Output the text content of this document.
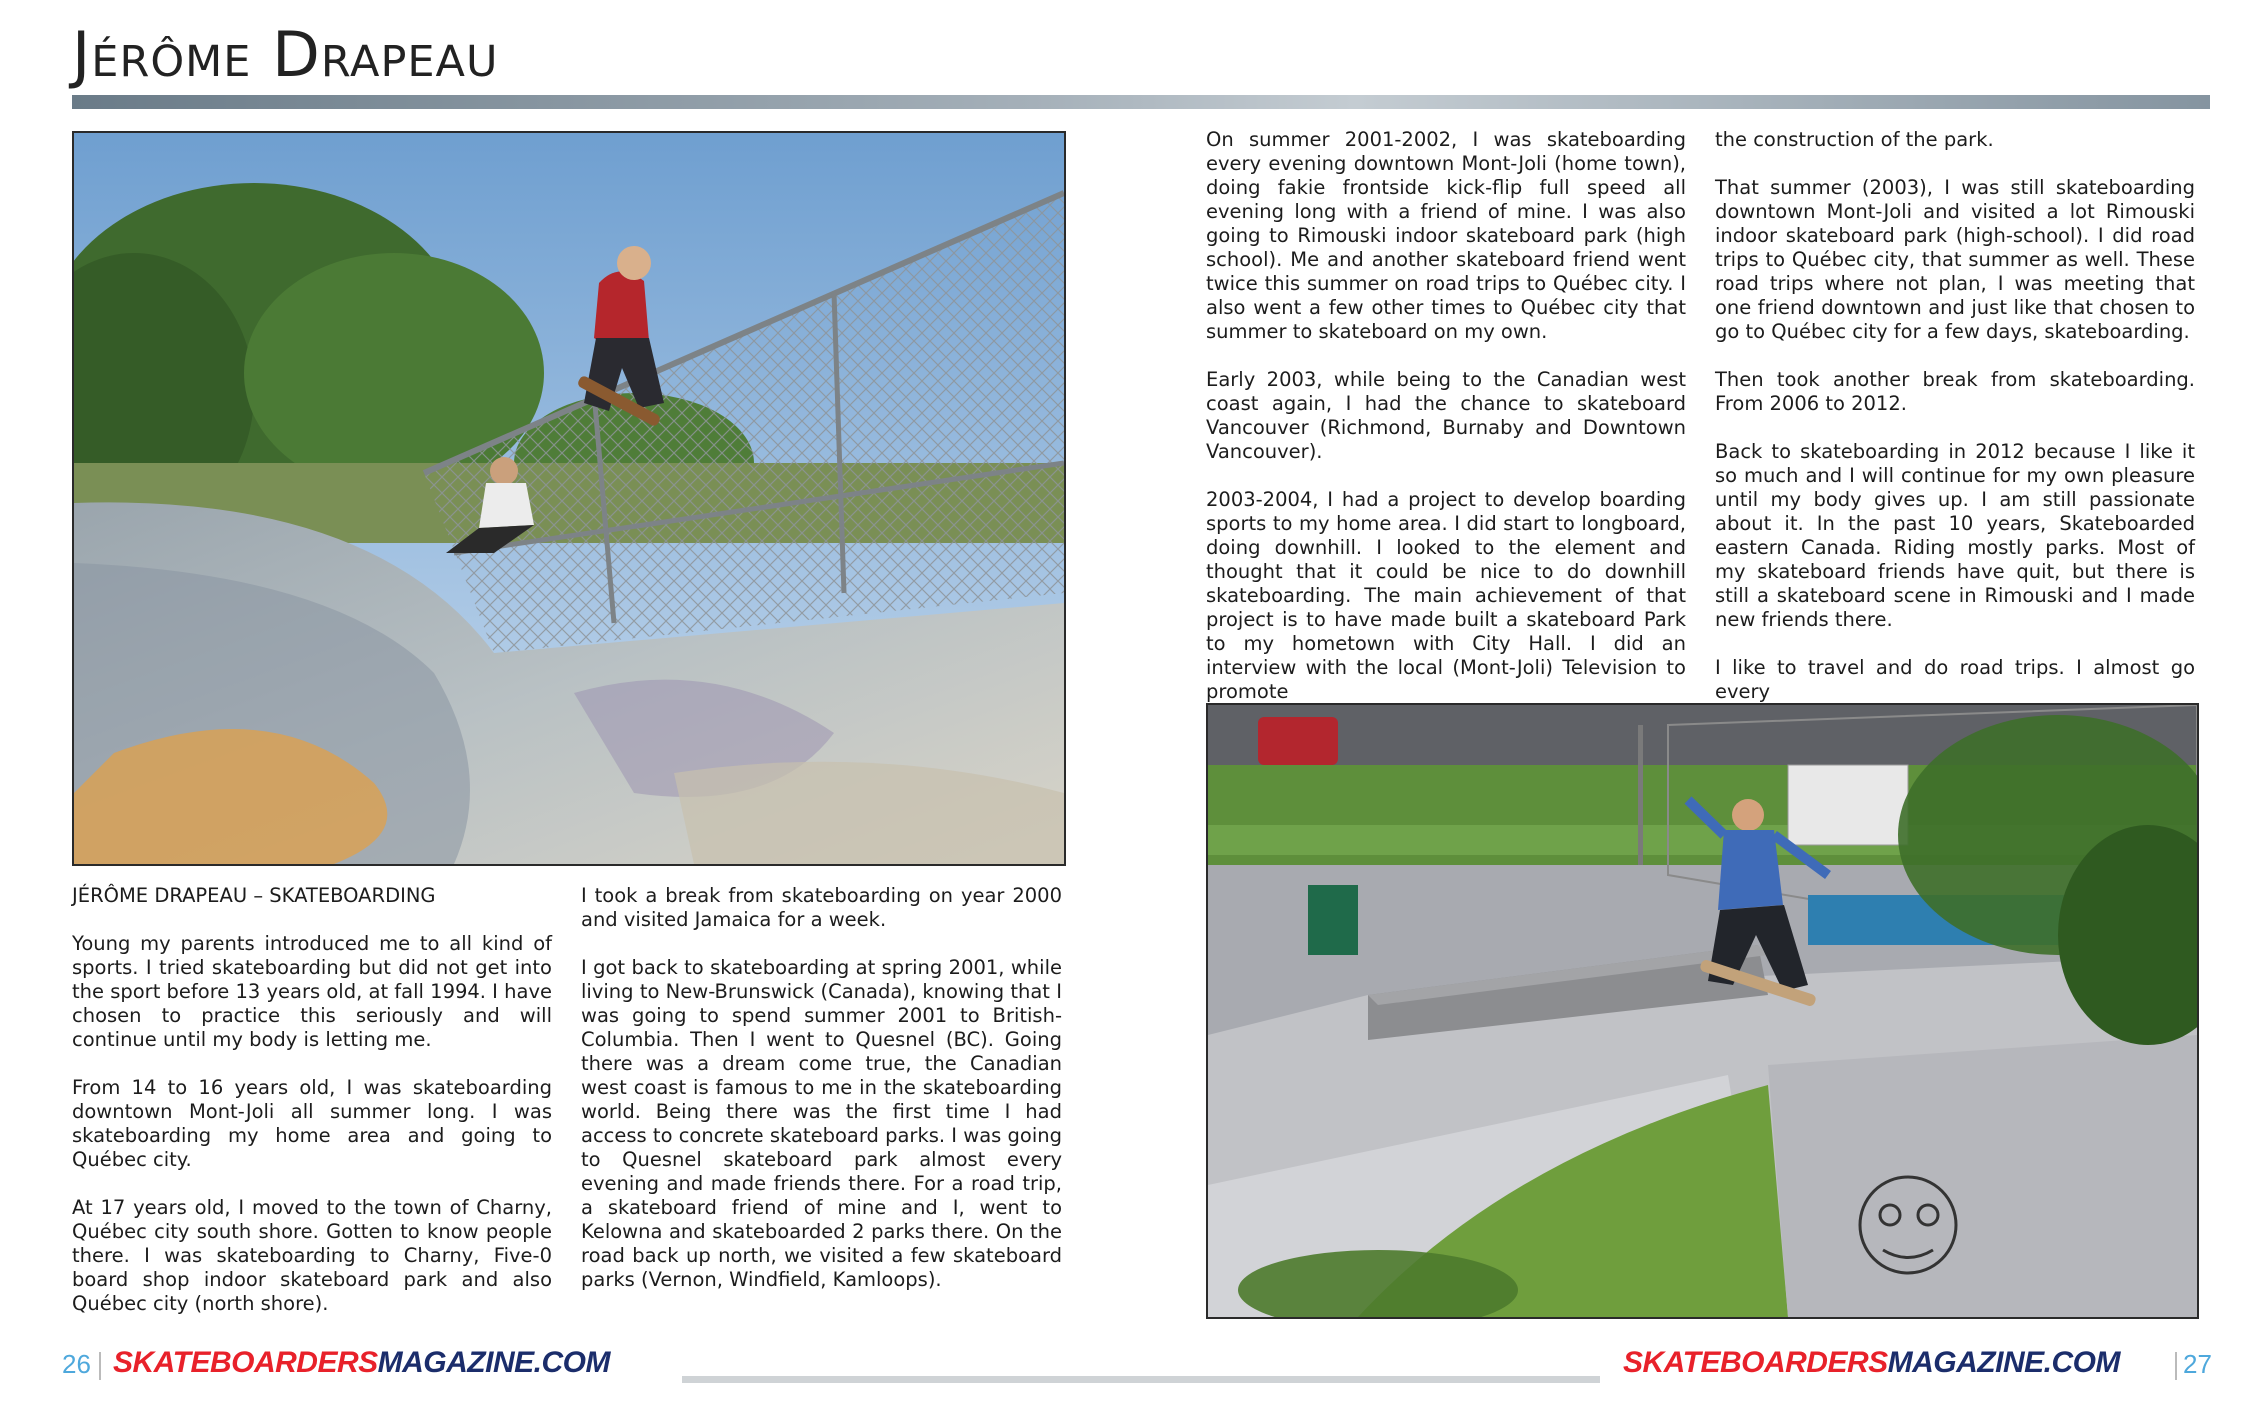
Jérôme Drapeau
JÉRÔME DRAPEAU – SKATEBOARDING

Young my parents introduced me to all kind of sports. I tried skateboarding but did not get into the sport before 13 years old, at fall 1994. I have chosen to practice this seriously and will continue until my body is letting me.

From 14 to 16 years old, I was skateboarding downtown Mont-Joli all summer long. I was skateboarding my home area and going to Québec city.

At 17 years old, I moved to the town of Charny, Québec city south shore. Gotten to know people there. I was skateboarding to Charny, Five-0 board shop indoor skateboard park and also Québec city (north shore).

I took a break from skateboarding on year 2000 and visited Jamaica for a week.

I got back to skateboarding at spring 2001, while living to New-Brunswick (Canada), knowing that I was going to spend summer 2001 to British-Columbia. Then I went to Quesnel (BC). Going there was a dream come true, the Canadian west coast is famous to me in the skateboarding world. Being there was the first time I had access to concrete skateboard parks. I was going to Quesnel skateboard park almost every evening and made friends there. For a road trip, a skateboard friend of mine and I, went to Kelowna and skateboarded 2 parks there. On the road back up north, we visited a few skateboard parks (Vernon, Windfield, Kamloops).

On summer 2001-2002, I was skateboarding every evening downtown Mont-Joli (home town), doing fakie frontside kick-flip full speed all evening long with a friend of mine. I was also going to Rimouski indoor skateboard park (high school). Me and another skateboard friend went twice this summer on road trips to Québec city. I also went a few other times to Québec city that summer to skateboard on my own.

Early 2003, while being to the Canadian west coast again, I had the chance to skateboard Vancouver (Richmond, Burnaby and Downtown Vancouver).

2003-2004, I had a project to develop boarding sports to my home area. I did start to longboard, doing downhill. I looked to the element and thought that it could be nice to do downhill skateboarding. The main achievement of that project is to have made built a skateboard Park to my hometown with City Hall. I did an interview with the local (Mont-Joli) Television to promote

the construction of the park.

That summer (2003), I was still skateboarding downtown Mont-Joli and visited a lot Rimouski indoor skateboard park (high-school). I did road trips to Québec city, that summer as well. These road trips where not plan, I was meeting that one friend downtown and just like that chosen to go to Québec city for a few days, skateboarding.

Then took another break from skateboarding. From 2006 to 2012.

Back to skateboarding in 2012 because I like it so much and I will continue for my own pleasure until my body gives up. I am still passionate about it. In the past 10 years, Skateboarded eastern Canada. Riding mostly parks. Most of my skateboard friends have quit, but there is still a skateboard scene in Rimouski and I made new friends there.

I like to travel and do road trips. I almost go every

26 SKATEBOARDERSMAGAZINE.COM	SKATEBOARDERSMAGAZINE.COM 27
